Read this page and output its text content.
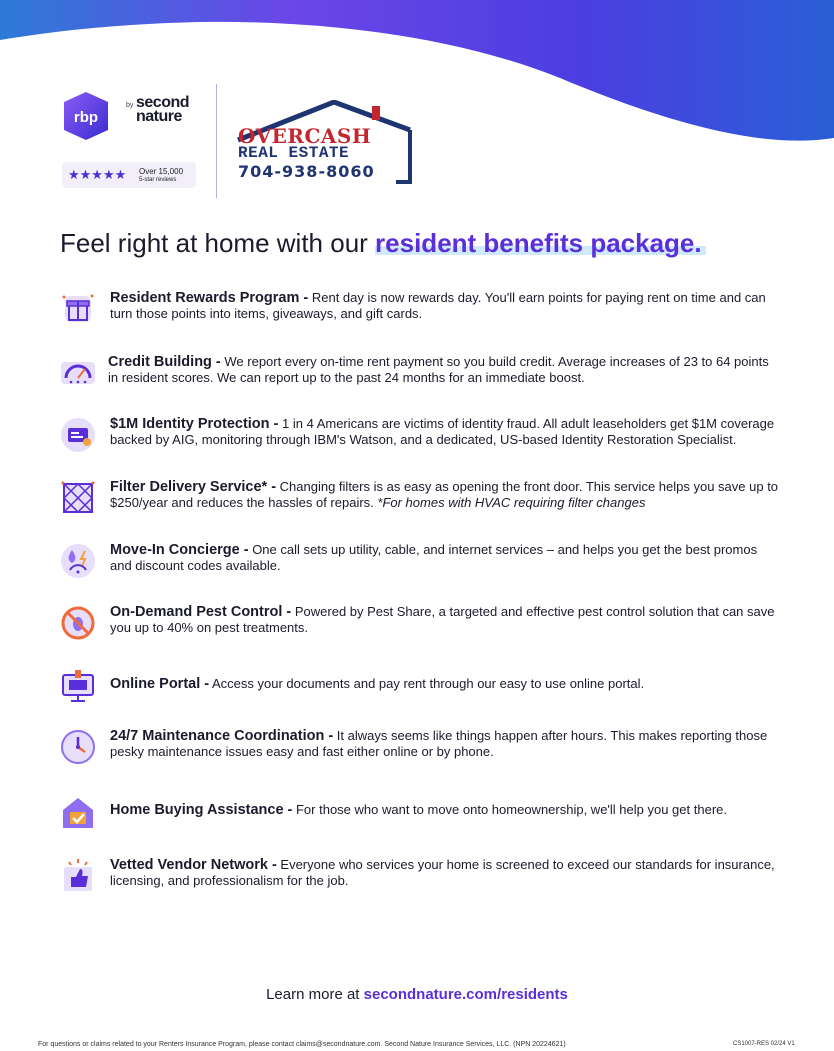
rbp
by second nature
★★★★★ Over 15,000
5-star reviews
OVERCASH
REAL ESTATE
704-938-8060
Feel right at home with our resident benefits package.
Resident Rewards Program - Rent day is now rewards day. You'll earn points for paying rent on time and can turn those points into items, giveaways, and gift cards.
Credit Building - We report every on-time rent payment so you build credit. Average increases of 23 to 64 points in resident scores. We can report up to the past 24 months for an immediate boost.
$1M Identity Protection - 1 in 4 Americans are victims of identity fraud. All adult leaseholders get $1M coverage backed by AIG, monitoring through IBM's Watson, and a dedicated, US-based Identity Restoration Specialist.
Filter Delivery Service* - Changing filters is as easy as opening the front door. This service helps you save up to $250/year and reduces the hassles of repairs. *For homes with HVAC requiring filter changes
Move-In Concierge - One call sets up utility, cable, and internet services – and helps you get the best promos and discount codes available.
On-Demand Pest Control - Powered by Pest Share, a targeted and effective pest control solution that can save you up to 40% on pest treatments.
Online Portal - Access your documents and pay rent through our easy to use online portal.
24/7 Maintenance Coordination - It always seems like things happen after hours. This makes reporting those pesky maintenance issues easy and fast either online or by phone.
Home Buying Assistance - For those who want to move onto homeownership, we'll help you get there.
Vetted Vendor Network - Everyone who services your home is screened to exceed our standards for insurance, licensing, and professionalism for the job.
Learn more at secondnature.com/residents
For questions or claims related to your Renters Insurance Program, please contact claims@secondnature.com. Second Nature Insurance Services, LLC. (NPN 20224621)	CS1007-RES 02/24 V1
